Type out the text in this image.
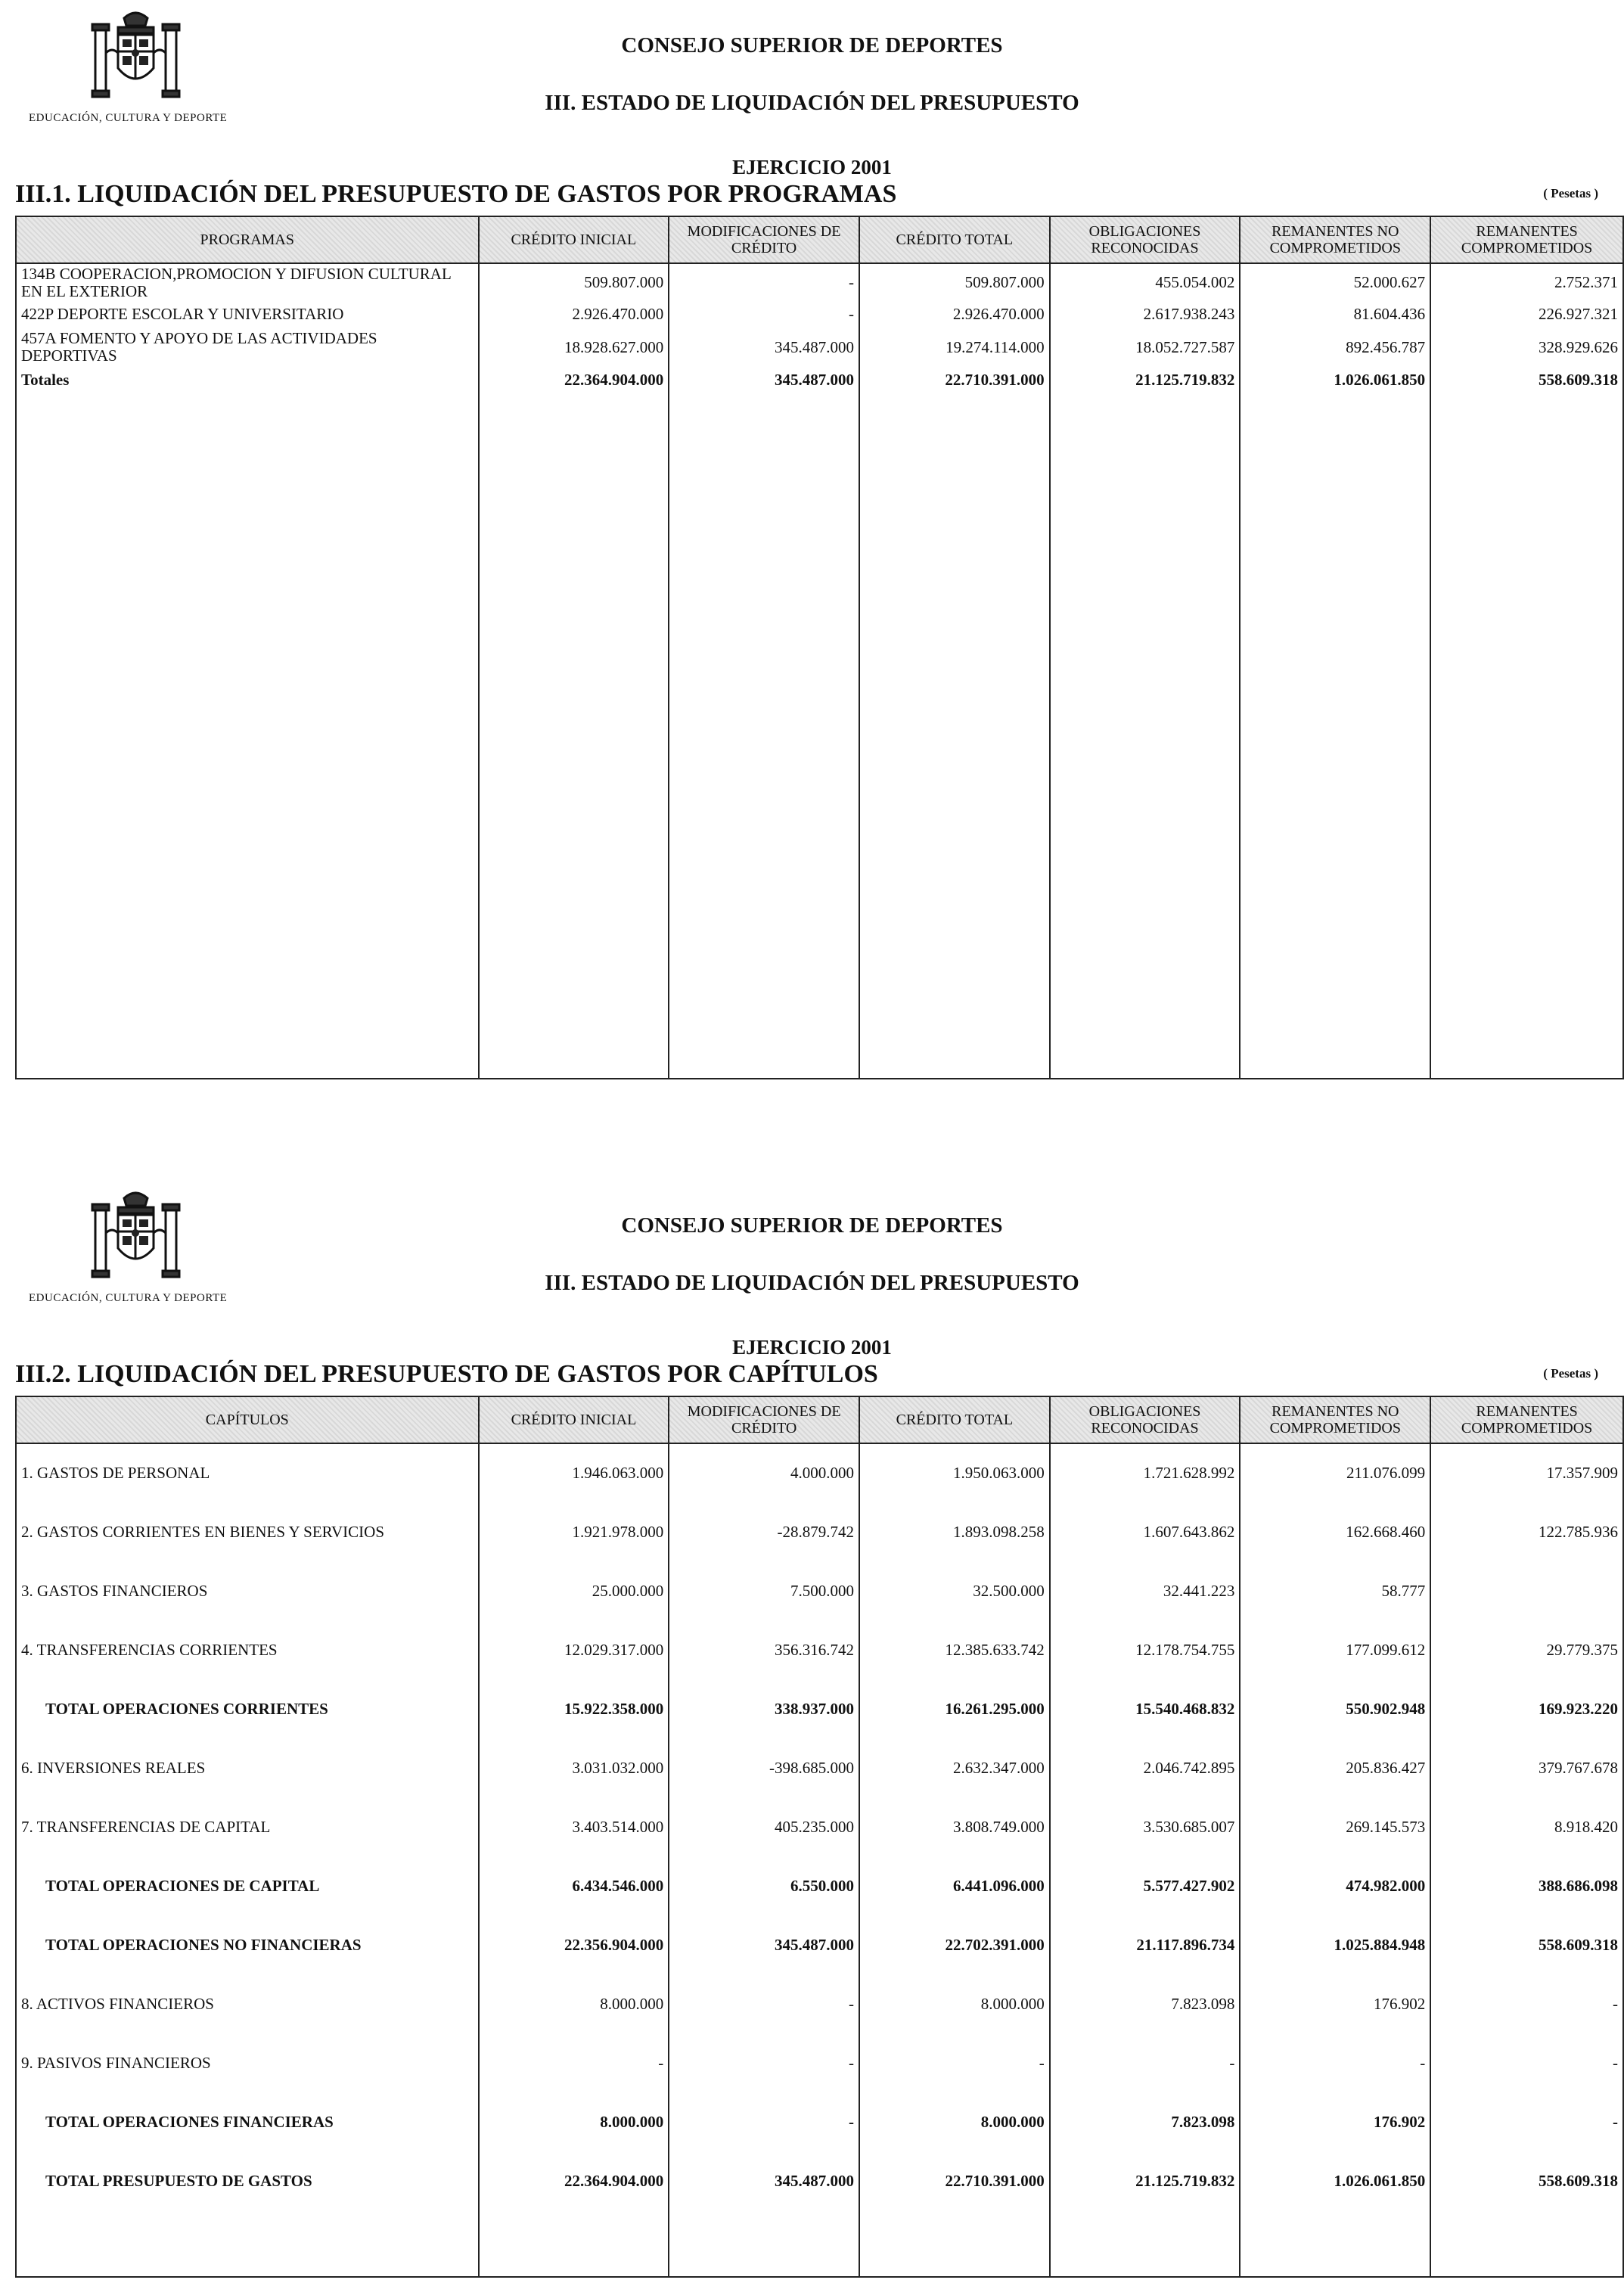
EDUCACIÓN, CULTURA Y DEPORTE
CONSEJO SUPERIOR DE DEPORTES
III. ESTADO DE LIQUIDACIÓN DEL PRESUPUESTO
EJERCICIO 2001
III.1. LIQUIDACIÓN DEL PRESUPUESTO DE GASTOS POR PROGRAMAS	( Pesetas )
PROGRAMAS	CRÉDITO INICIAL	MODIFICACIONES DE CRÉDITO	CRÉDITO TOTAL	OBLIGACIONES RECONOCIDAS	REMANENTES NO COMPROMETIDOS	REMANENTES COMPROMETIDOS
134B COOPERACION,PROMOCION Y DIFUSION CULTURAL EN EL EXTERIOR	509.807.000	-	509.807.000	455.054.002	52.000.627	2.752.371
422P DEPORTE ESCOLAR Y UNIVERSITARIO	2.926.470.000	-	2.926.470.000	2.617.938.243	81.604.436	226.927.321
457A FOMENTO Y APOYO DE LAS ACTIVIDADES DEPORTIVAS	18.928.627.000	345.487.000	19.274.114.000	18.052.727.587	892.456.787	328.929.626
Totales	22.364.904.000	345.487.000	22.710.391.000	21.125.719.832	1.026.061.850	558.609.318

EDUCACIÓN, CULTURA Y DEPORTE
CONSEJO SUPERIOR DE DEPORTES
III. ESTADO DE LIQUIDACIÓN DEL PRESUPUESTO
EJERCICIO 2001
III.2. LIQUIDACIÓN DEL PRESUPUESTO DE GASTOS POR CAPÍTULOS	( Pesetas )
CAPÍTULOS	CRÉDITO INICIAL	MODIFICACIONES DE CRÉDITO	CRÉDITO TOTAL	OBLIGACIONES RECONOCIDAS	REMANENTES NO COMPROMETIDOS	REMANENTES COMPROMETIDOS
1. GASTOS DE PERSONAL	1.946.063.000	4.000.000	1.950.063.000	1.721.628.992	211.076.099	17.357.909
2. GASTOS CORRIENTES EN BIENES Y SERVICIOS	1.921.978.000	-28.879.742	1.893.098.258	1.607.643.862	162.668.460	122.785.936
3. GASTOS FINANCIEROS	25.000.000	7.500.000	32.500.000	32.441.223	58.777	
4. TRANSFERENCIAS CORRIENTES	12.029.317.000	356.316.742	12.385.633.742	12.178.754.755	177.099.612	29.779.375
TOTAL OPERACIONES CORRIENTES	15.922.358.000	338.937.000	16.261.295.000	15.540.468.832	550.902.948	169.923.220
6. INVERSIONES REALES	3.031.032.000	-398.685.000	2.632.347.000	2.046.742.895	205.836.427	379.767.678
7. TRANSFERENCIAS DE CAPITAL	3.403.514.000	405.235.000	3.808.749.000	3.530.685.007	269.145.573	8.918.420
TOTAL OPERACIONES DE CAPITAL	6.434.546.000	6.550.000	6.441.096.000	5.577.427.902	474.982.000	388.686.098
TOTAL OPERACIONES NO FINANCIERAS	22.356.904.000	345.487.000	22.702.391.000	21.117.896.734	1.025.884.948	558.609.318
8. ACTIVOS FINANCIEROS	8.000.000	-	8.000.000	7.823.098	176.902	-
9. PASIVOS FINANCIEROS	-	-	-	-	-	-
TOTAL OPERACIONES FINANCIERAS	8.000.000	-	8.000.000	7.823.098	176.902	-
TOTAL PRESUPUESTO DE GASTOS	22.364.904.000	345.487.000	22.710.391.000	21.125.719.832	1.026.061.850	558.609.318
